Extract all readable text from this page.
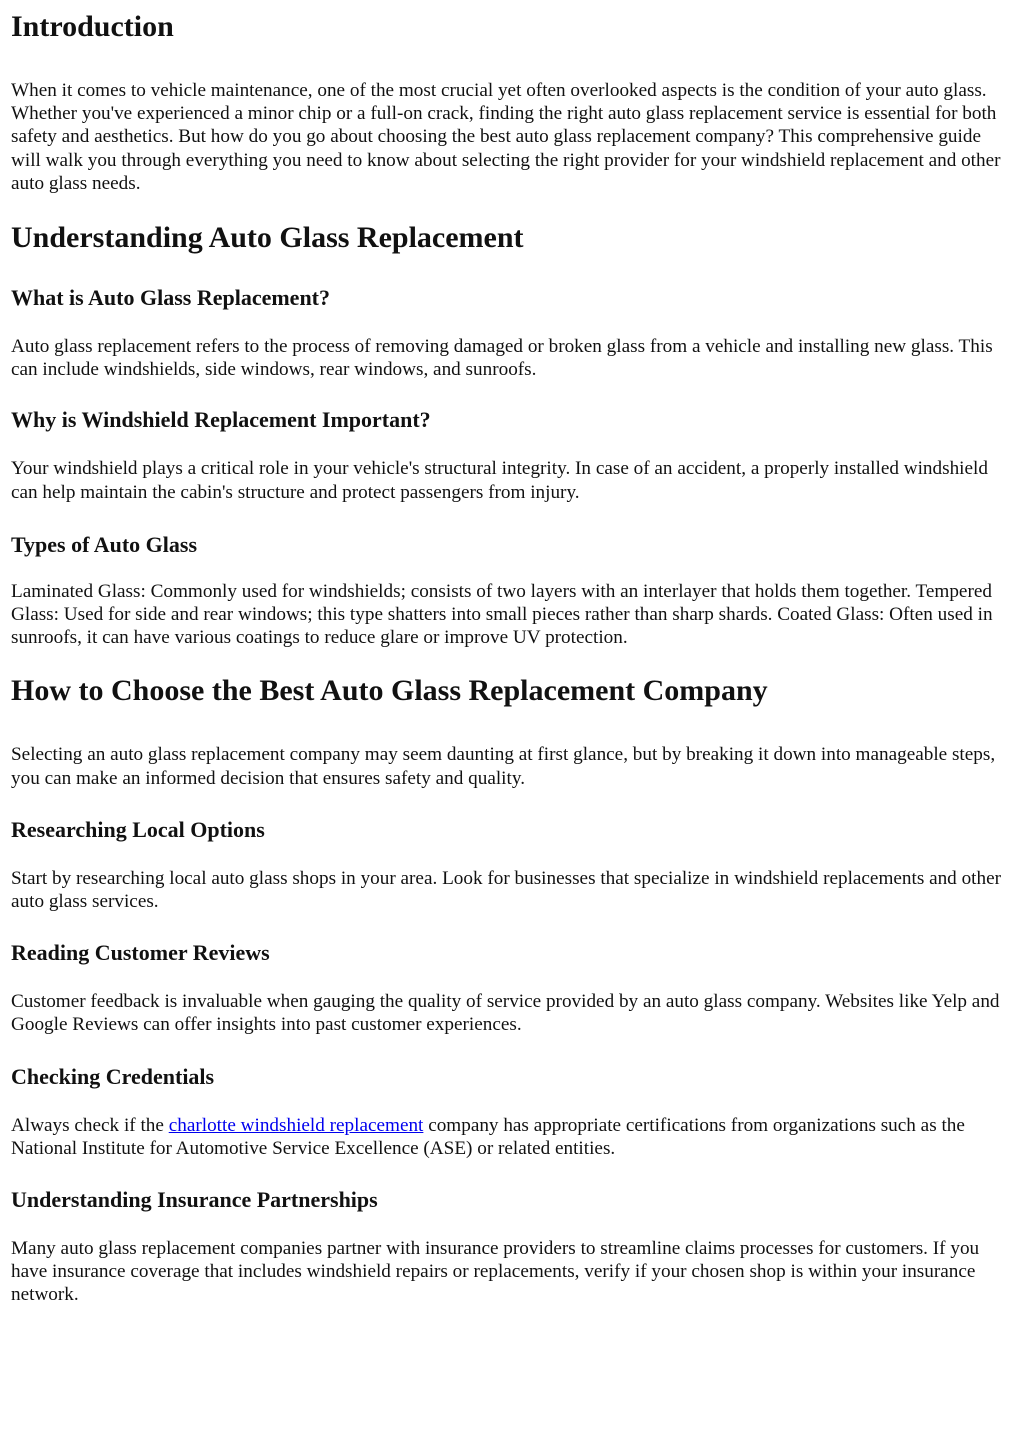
Introduction

When it comes to vehicle maintenance, one of the most crucial yet often overlooked aspects is the condition of your auto glass. Whether you've experienced a minor chip or a full-on crack, finding the right auto glass replacement service is essential for both safety and aesthetics. But how do you go about choosing the best auto glass replacement company? This comprehensive guide will walk you through everything you need to know about selecting the right provider for your windshield replacement and other auto glass needs.

Understanding Auto Glass Replacement
What is Auto Glass Replacement?

Auto glass replacement refers to the process of removing damaged or broken glass from a vehicle and installing new glass. This can include windshields, side windows, rear windows, and sunroofs.

Why is Windshield Replacement Important?

Your windshield plays a critical role in your vehicle's structural integrity. In case of an accident, a properly installed windshield can help maintain the cabin's structure and protect passengers from injury.

Types of Auto Glass

Laminated Glass: Commonly used for windshields; consists of two layers with an interlayer that holds them together. Tempered Glass: Used for side and rear windows; this type shatters into small pieces rather than sharp shards. Coated Glass: Often used in sunroofs, it can have various coatings to reduce glare or improve UV protection.

How to Choose the Best Auto Glass Replacement Company

Selecting an auto glass replacement company may seem daunting at first glance, but by breaking it down into manageable steps, you can make an informed decision that ensures safety and quality.

Researching Local Options

Start by researching local auto glass shops in your area. Look for businesses that specialize in windshield replacements and other auto glass services.

Reading Customer Reviews

Customer feedback is invaluable when gauging the quality of service provided by an auto glass company. Websites like Yelp and Google Reviews can offer insights into past customer experiences.

Checking Credentials

Always check if the charlotte windshield replacement company has appropriate certifications from organizations such as the National Institute for Automotive Service Excellence (ASE) or related entities.

Understanding Insurance Partnerships

Many auto glass replacement companies partner with insurance providers to streamline claims processes for customers. If you have insurance coverage that includes windshield repairs or replacements, verify if your chosen shop is within your insurance network.
